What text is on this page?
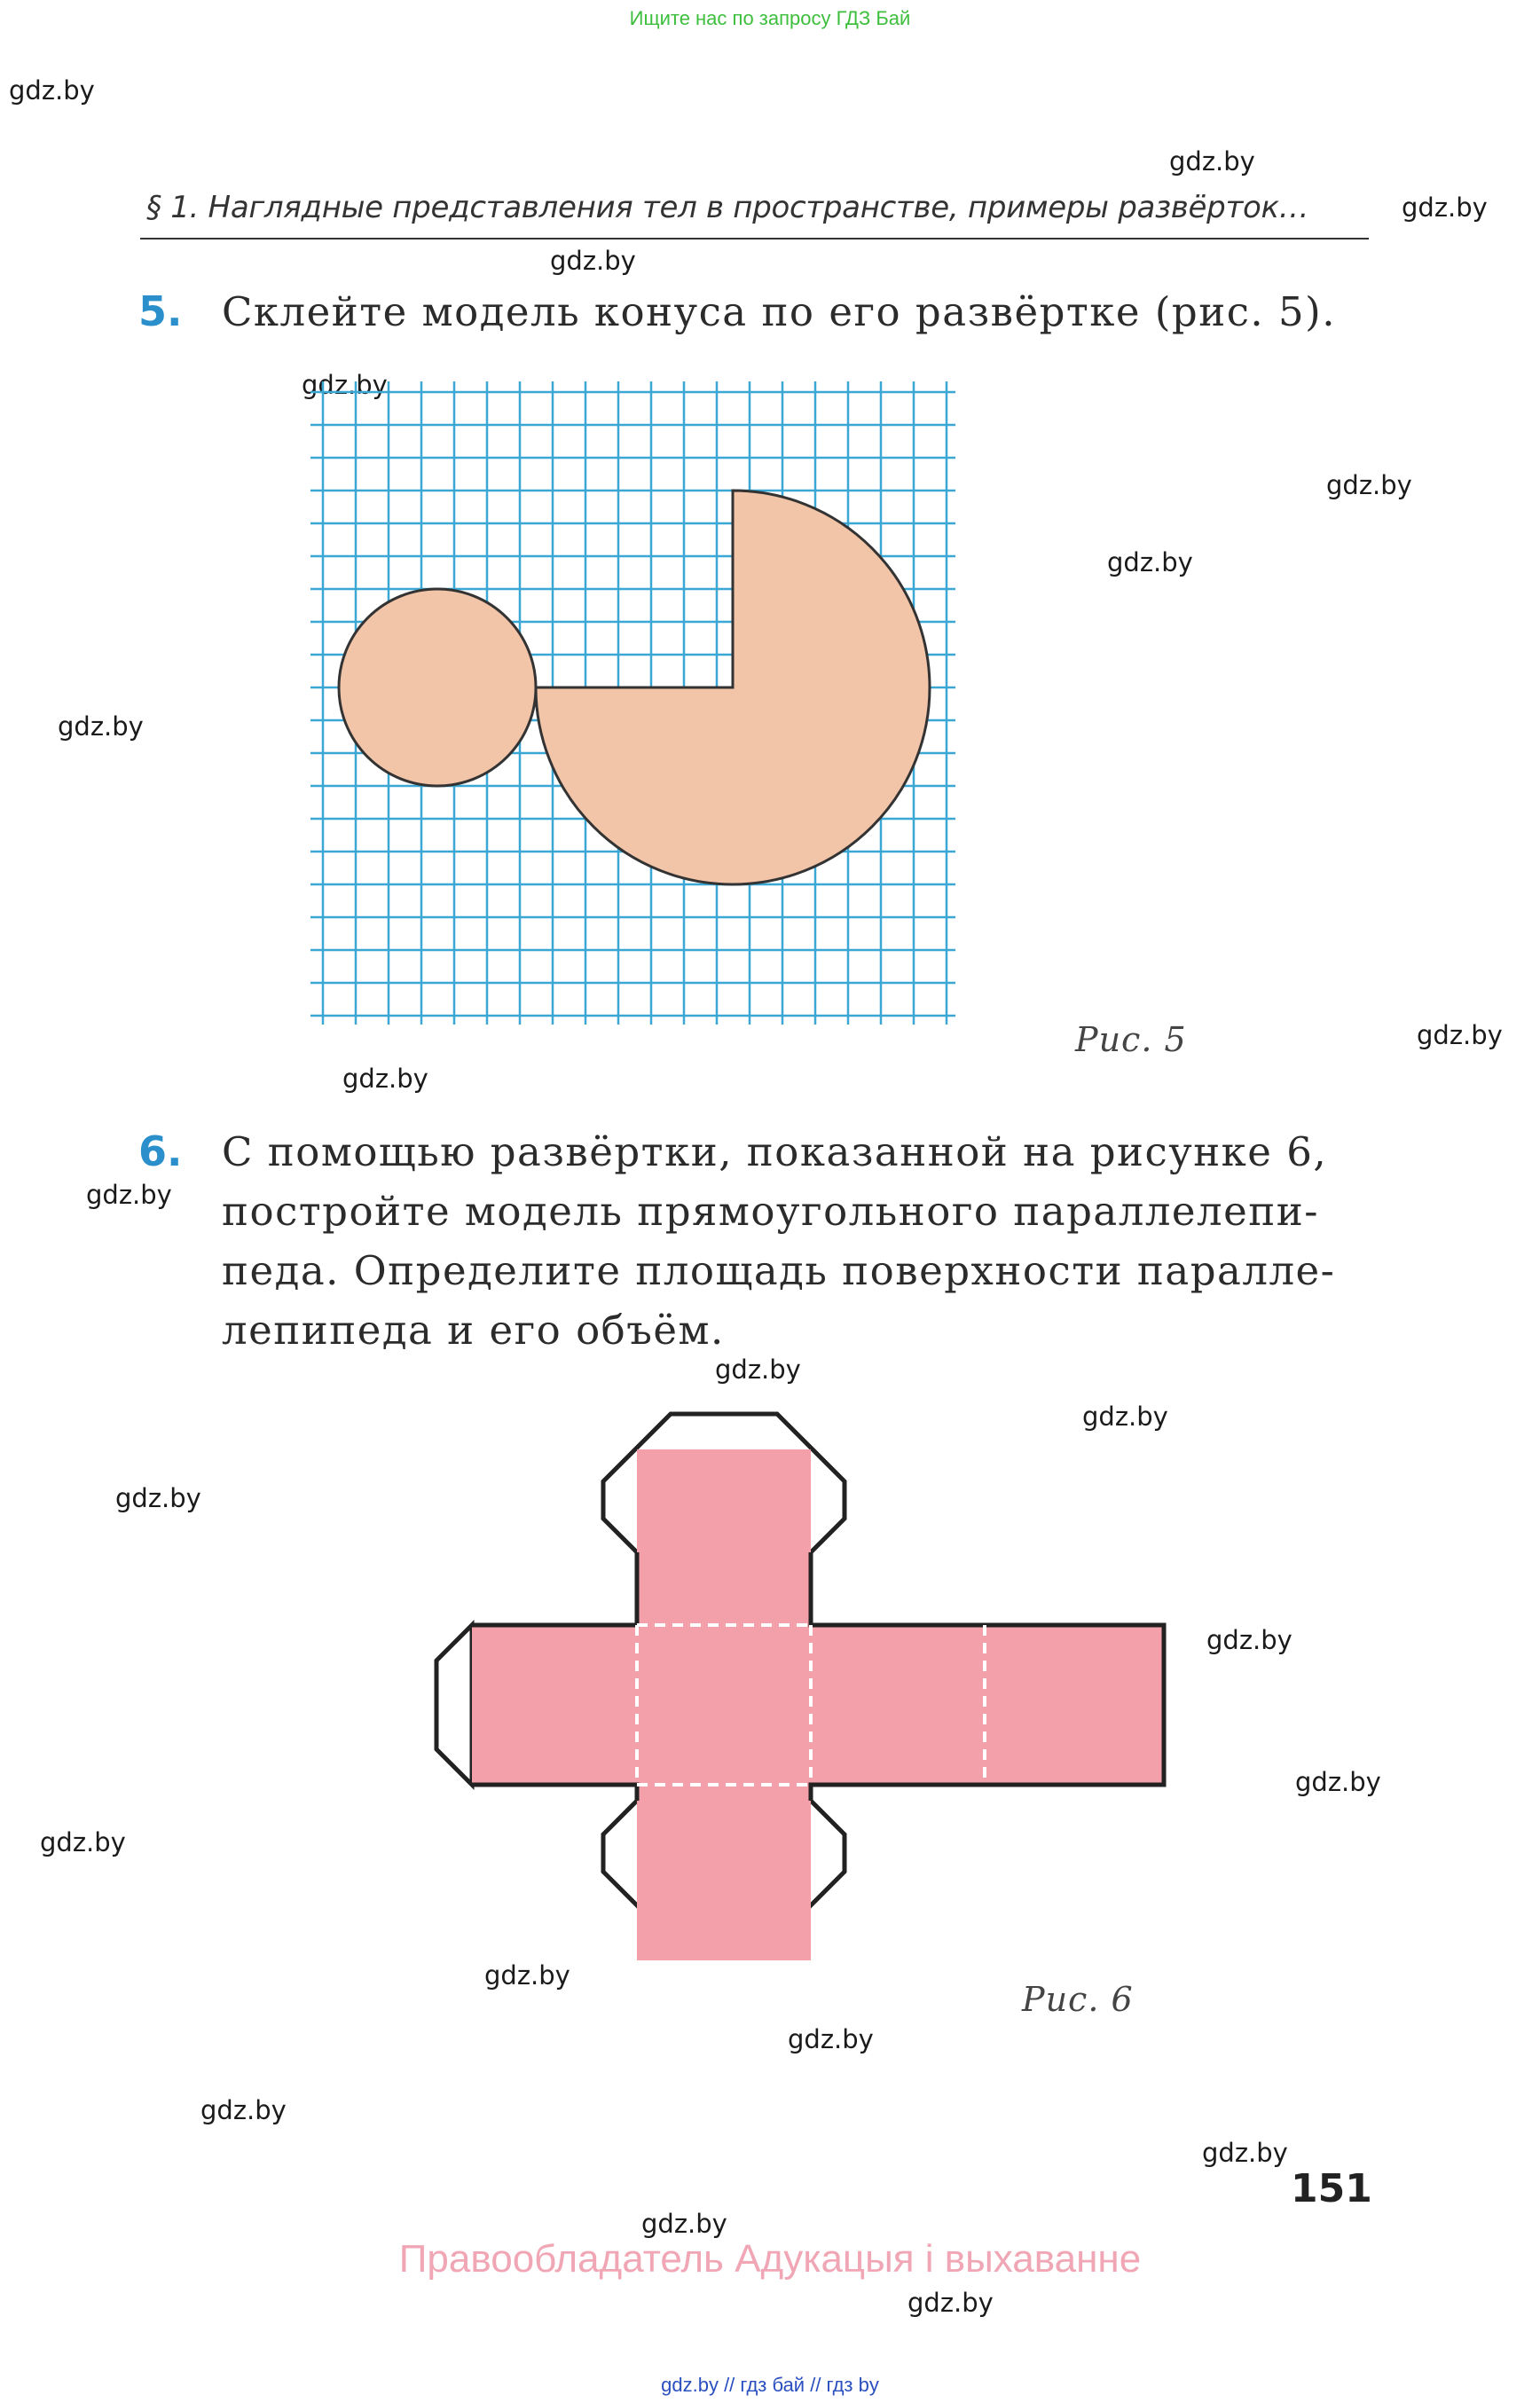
Ищите нас по запросу ГДЗ Бай
gdz.by
gdz.by
gdz.by
gdz.by
gdz.by
gdz.by
gdz.by
gdz.by
gdz.by
gdz.by
gdz.by
gdz.by
gdz.by
gdz.by
gdz.by
gdz.by
gdz.by
gdz.by
gdz.by
gdz.by
gdz.by
gdz.by
gdz.by
§ 1. Наглядные представления тел в пространстве, примеры развёрток…
5. Склейте модель конуса по его развёртке (рис. 5).
Рис. 5
6. С помощью развёртки, показанной на рисунке 6,
постройте модель прямоугольного параллелепи-
педа. Определите площадь поверхности паралле-
лепипеда и его объём.
Рис. 6
151
Правообладатель Адукацыя і выхаванне
gdz.by // гдз бай // гдз by
